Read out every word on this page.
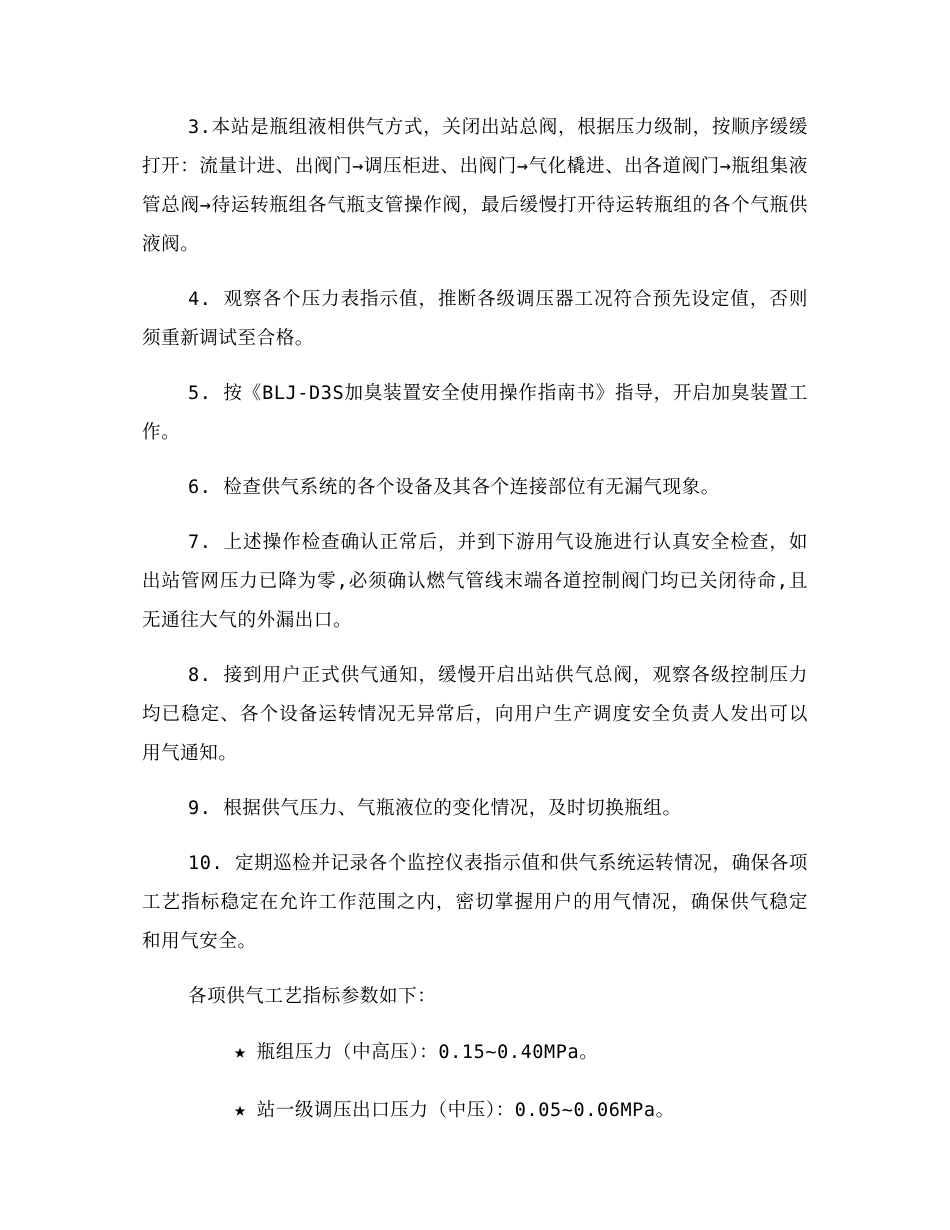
3.本站是瓶组液相供气方式，关闭出站总阀，根据压力级制，按顺序缓缓打开：流量计进、出阀门→调压柜进、出阀门→气化橇进、出各道阀门→瓶组集液管总阀→待运转瓶组各气瓶支管操作阀，最后缓慢打开待运转瓶组的各个气瓶供液阀。

4. 观察各个压力表指示值，推断各级调压器工况符合预先设定值，否则须重新调试至合格。

5. 按《BLJ-D3S加臭装置安全使用操作指南书》指导，开启加臭装置工作。

6. 检查供气系统的各个设备及其各个连接部位有无漏气现象。

7. 上述操作检查确认正常后，并到下游用气设施进行认真安全检查，如出站管网压力已降为零,必须确认燃气管线末端各道控制阀门均已关闭待命,且无通往大气的外漏出口。

8. 接到用户正式供气通知，缓慢开启出站供气总阀，观察各级控制压力均已稳定、各个设备运转情况无异常后，向用户生产调度安全负责人发出可以用气通知。

9. 根据供气压力、气瓶液位的变化情况，及时切换瓶组。

10. 定期巡检并记录各个监控仪表指示值和供气系统运转情况，确保各项工艺指标稳定在允许工作范围之内，密切掌握用户的用气情况，确保供气稳定和用气安全。

各项供气工艺指标参数如下：

★ 瓶组压力（中高压）：0.15~0.40MPa。

★ 站一级调压出口压力（中压）：0.05~0.06MPa。
